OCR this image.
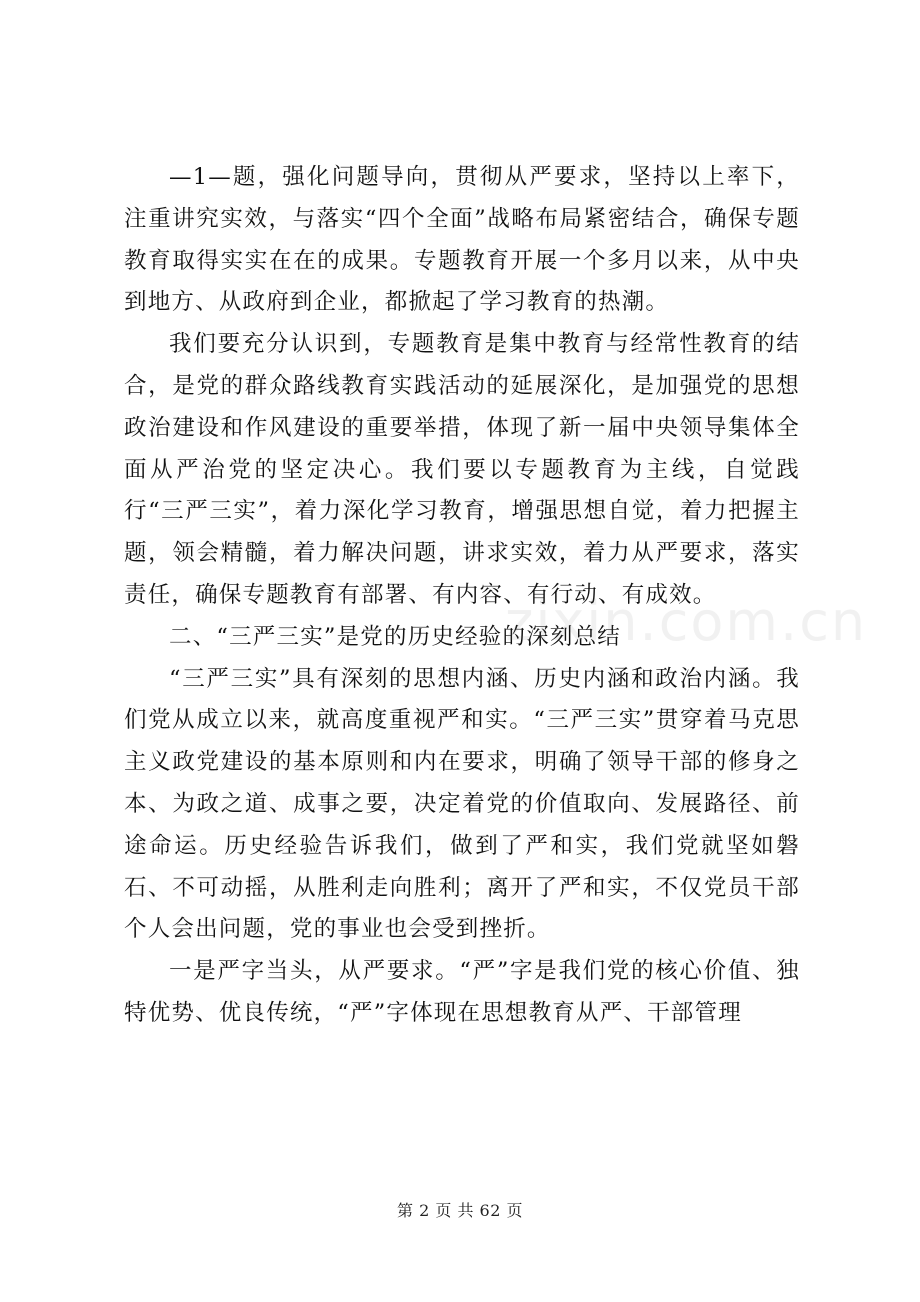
—1—题，强化问题导向，贯彻从严要求，坚持以上率下，注重讲究实效，与落实“四个全面”战略布局紧密结合，确保专题教育取得实实在在的成果。专题教育开展一个多月以来，从中央到地方、从政府到企业，都掀起了学习教育的热潮。

我们要充分认识到，专题教育是集中教育与经常性教育的结合，是党的群众路线教育实践活动的延展深化，是加强党的思想政治建设和作风建设的重要举措，体现了新一届中央领导集体全面从严治党的坚定决心。我们要以专题教育为主线，自觉践行“三严三实”，着力深化学习教育，增强思想自觉，着力把握主题，领会精髓，着力解决问题，讲求实效，着力从严要求，落实责任，确保专题教育有部署、有内容、有行动、有成效。

二、“三严三实”是党的历史经验的深刻总结

“三严三实”具有深刻的思想内涵、历史内涵和政治内涵。我们党从成立以来，就高度重视严和实。“三严三实”贯穿着马克思主义政党建设的基本原则和内在要求，明确了领导干部的修身之本、为政之道、成事之要，决定着党的价值取向、发展路径、前途命运。历史经验告诉我们，做到了严和实，我们党就坚如磐石、不可动摇，从胜利走向胜利；离开了严和实，不仅党员干部个人会出问题，党的事业也会受到挫折。

一是严字当头，从严要求。“严”字是我们党的核心价值、独特优势、优良传统，“严”字体现在思想教育从严、干部管理

zixin.com.cn
第 2 页 共 62 页
